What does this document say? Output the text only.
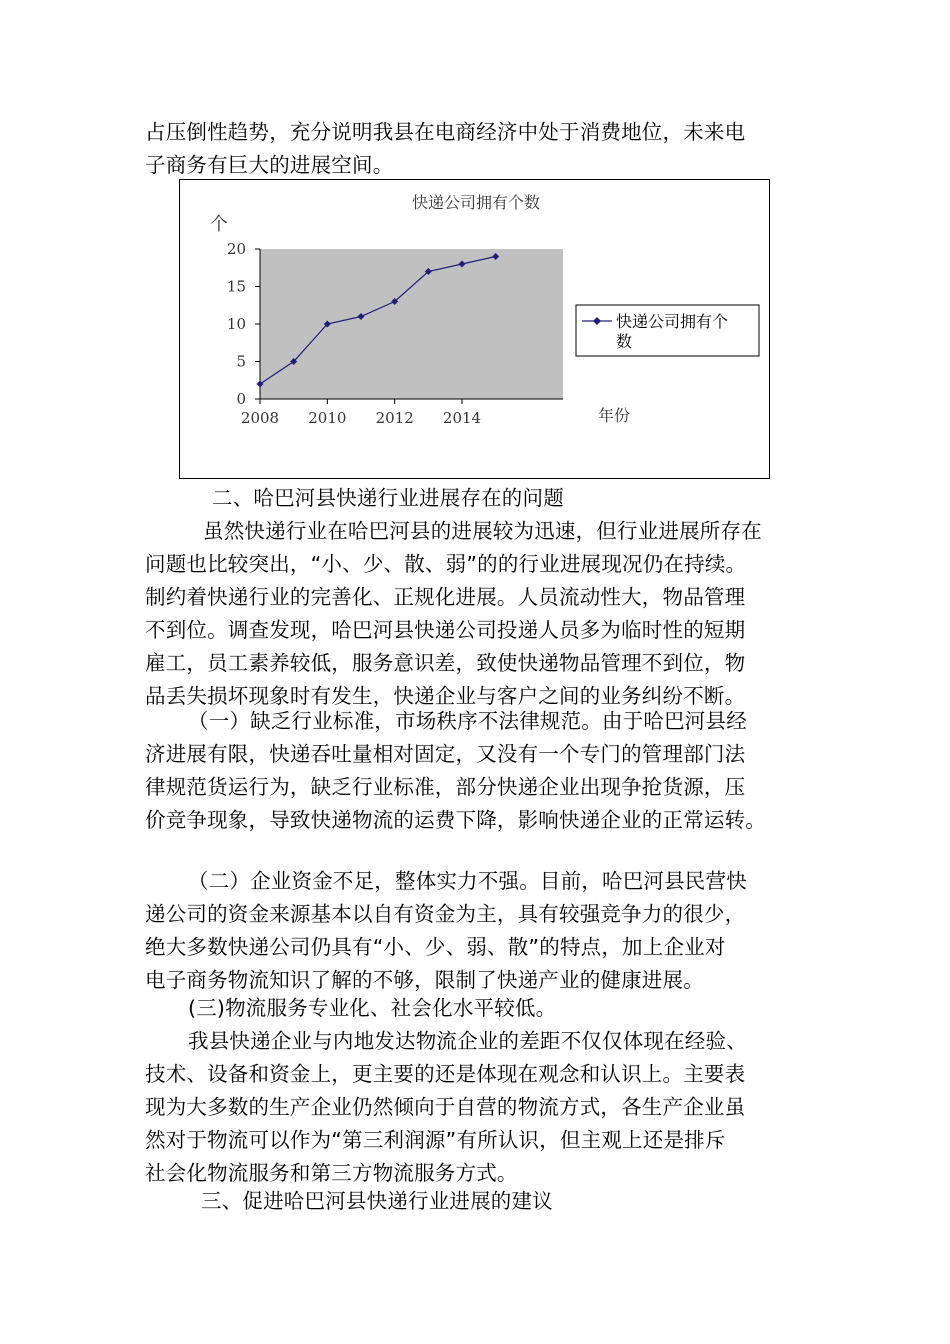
占压倒性趋势，充分说明我县在电商经济中处于消费地位，未来电
子商务有巨大的进展空间。
快递公司拥有个数
个
0
5
10
15
20
2008 2010 2012 2014	年份
快递公司拥有个
数
二、哈巴河县快递行业进展存在的问题
虽然快递行业在哈巴河县的进展较为迅速，但行业进展所存在
问题也比较突出，“小、少、散、弱”的的行业进展现况仍在持续。
制约着快递行业的完善化、正规化进展。人员流动性大，物品管理
不到位。调查发现，哈巴河县快递公司投递人员多为临时性的短期
雇工，员工素养较低，服务意识差，致使快递物品管理不到位，物
品丢失损坏现象时有发生，快递企业与客户之间的业务纠纷不断。
（一）缺乏行业标准，市场秩序不法律规范。由于哈巴河县经
济进展有限，快递吞吐量相对固定，又没有一个专门的管理部门法
律规范货运行为，缺乏行业标准，部分快递企业出现争抢货源，压
价竞争现象，导致快递物流的运费下降，影响快递企业的正常运转。
（二）企业资金不足，整体实力不强。目前，哈巴河县民营快
递公司的资金来源基本以自有资金为主，具有较强竞争力的很少，
绝大多数快递公司仍具有“小、少、弱、散”的特点，加上企业对
电子商务物流知识了解的不够，限制了快递产业的健康进展。
(三)物流服务专业化、社会化水平较低。
我县快递企业与内地发达物流企业的差距不仅仅体现在经验、
技术、设备和资金上，更主要的还是体现在观念和认识上。主要表
现为大多数的生产企业仍然倾向于自营的物流方式，各生产企业虽
然对于物流可以作为“第三利润源”有所认识，但主观上还是排斥
社会化物流服务和第三方物流服务方式。
三、促进哈巴河县快递行业进展的建议
